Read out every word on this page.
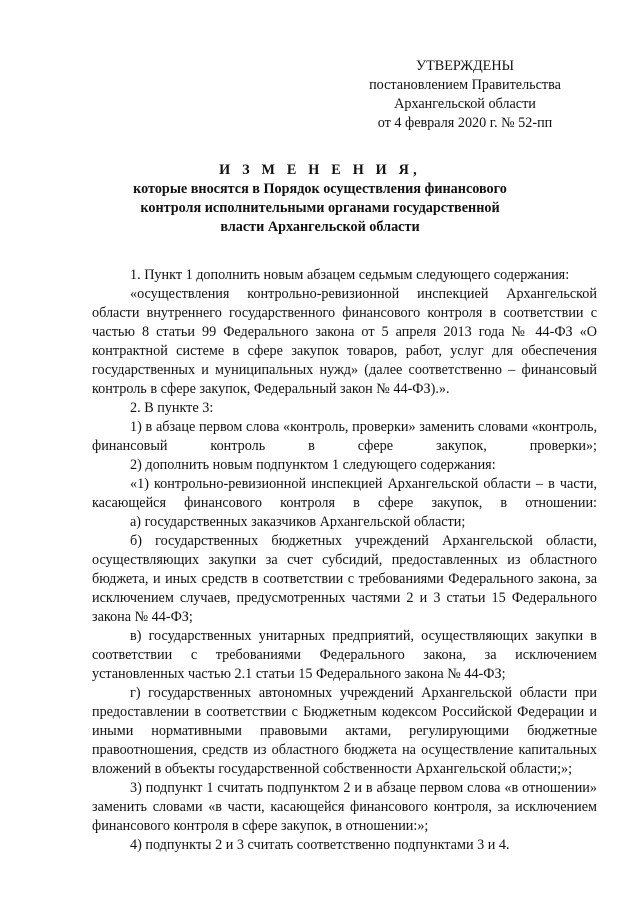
УТВЕРЖДЕНЫ
постановлением Правительства
Архангельской области
от 4 февраля 2020 г. № 52-пп
И З М Е Н Е Н И Я,
которые вносятся в Порядок осуществления финансового
контроля исполнительными органами государственной
власти Архангельской области

1. Пункт 1 дополнить новым абзацем седьмым следующего содержания:

«осуществления контрольно-ревизионной инспекцией Архангельской области внутреннего государственного финансового контроля в соответствии с частью 8 статьи 99 Федерального закона от 5 апреля 2013 года № 44-ФЗ «О контрактной системе в сфере закупок товаров, работ, услуг для обеспечения государственных и муниципальных нужд» (далее соответственно – финансовый контроль в сфере закупок, Федеральный закон № 44-ФЗ).».

2. В пункте 3:

1) в абзаце первом слова «контроль, проверки» заменить словами «контроль, финансовый контроль в сфере закупок, проверки»;

2) дополнить новым подпунктом 1 следующего содержания:

«1) контрольно-ревизионной инспекцией Архангельской области – в части, касающейся финансового контроля в сфере закупок, в отношении:

а) государственных заказчиков Архангельской области;

б) государственных бюджетных учреждений Архангельской области, осуществляющих закупки за счет субсидий, предоставленных из областного бюджета, и иных средств в соответствии с требованиями Федерального закона, за исключением случаев, предусмотренных частями 2 и 3 статьи 15 Федерального закона № 44-ФЗ;

в) государственных унитарных предприятий, осуществляющих закупки в соответствии с требованиями Федерального закона, за исключением установленных частью 2.1 статьи 15 Федерального закона № 44-ФЗ;

г) государственных автономных учреждений Архангельской области при предоставлении в соответствии с Бюджетным кодексом Российской Федерации и иными нормативными правовыми актами, регулирующими бюджетные правоотношения, средств из областного бюджета на осуществление капитальных вложений в объекты государственной собственности Архангельской области;»;

3) подпункт 1 считать подпунктом 2 и в абзаце первом слова «в отношении» заменить словами «в части, касающейся финансового контроля, за исключением финансового контроля в сфере закупок, в отношении:»;

4) подпункты 2 и 3 считать соответственно подпунктами 3 и 4.
